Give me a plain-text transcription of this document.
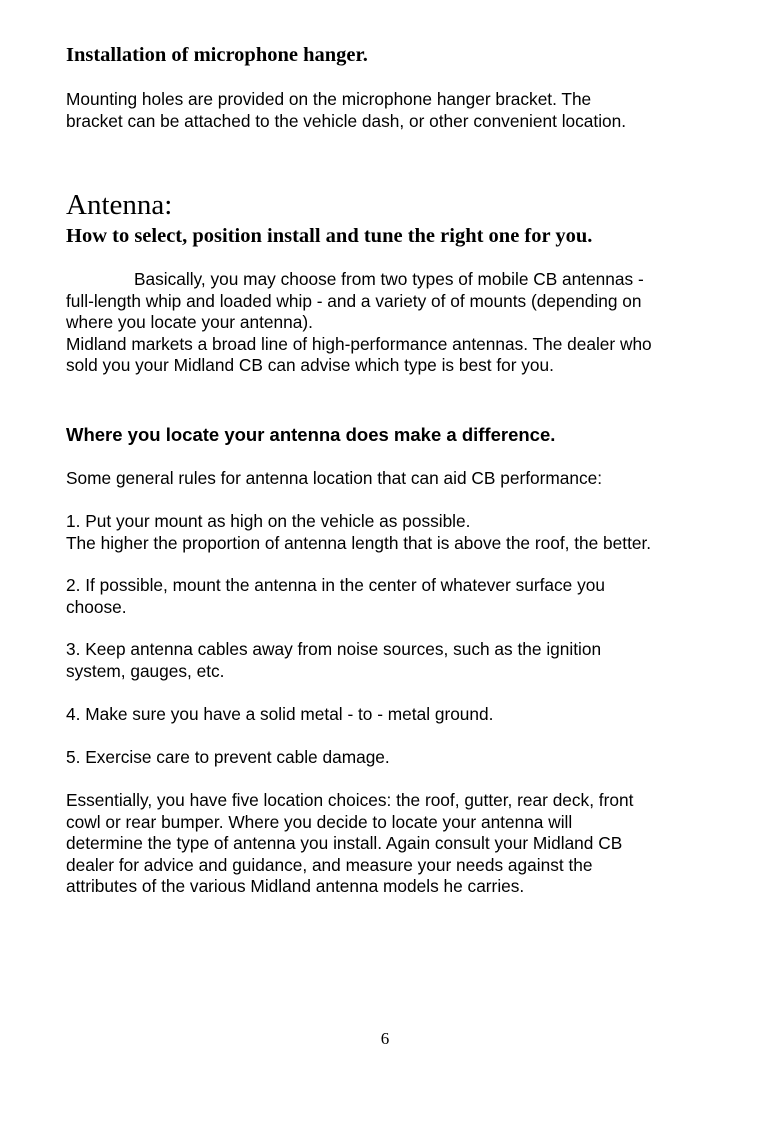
Installation of microphone hanger.
Mounting holes are provided on the microphone hanger bracket. The
bracket can be attached to the vehicle dash, or other convenient location.
Antenna:
How to select, position install and tune the right one for you.
Basically, you may choose from two types of mobile CB antennas -
full-length whip and loaded whip - and a variety of of mounts (depending on
where you locate your antenna).
Midland markets a broad line of high-performance antennas. The dealer who
sold you your Midland CB can advise which type is best for you.
Where you locate your antenna does make a difference.
Some general rules for antenna location that can aid CB performance:
1. Put your mount as high on the vehicle as possible.
The higher the proportion of antenna length that is above the roof, the better.
2. If possible, mount the antenna in the center of whatever surface you
choose.
3. Keep antenna cables away from noise sources, such as the ignition
system, gauges, etc.
4. Make sure you have a solid metal - to - metal ground.
5. Exercise care to prevent cable damage.
Essentially, you have five location choices: the roof, gutter, rear deck, front
cowl or rear bumper. Where you decide to locate your antenna will
determine the type of antenna you install. Again consult your Midland CB
dealer for advice and guidance, and measure your needs against the
attributes of the various Midland antenna models he carries.
6
